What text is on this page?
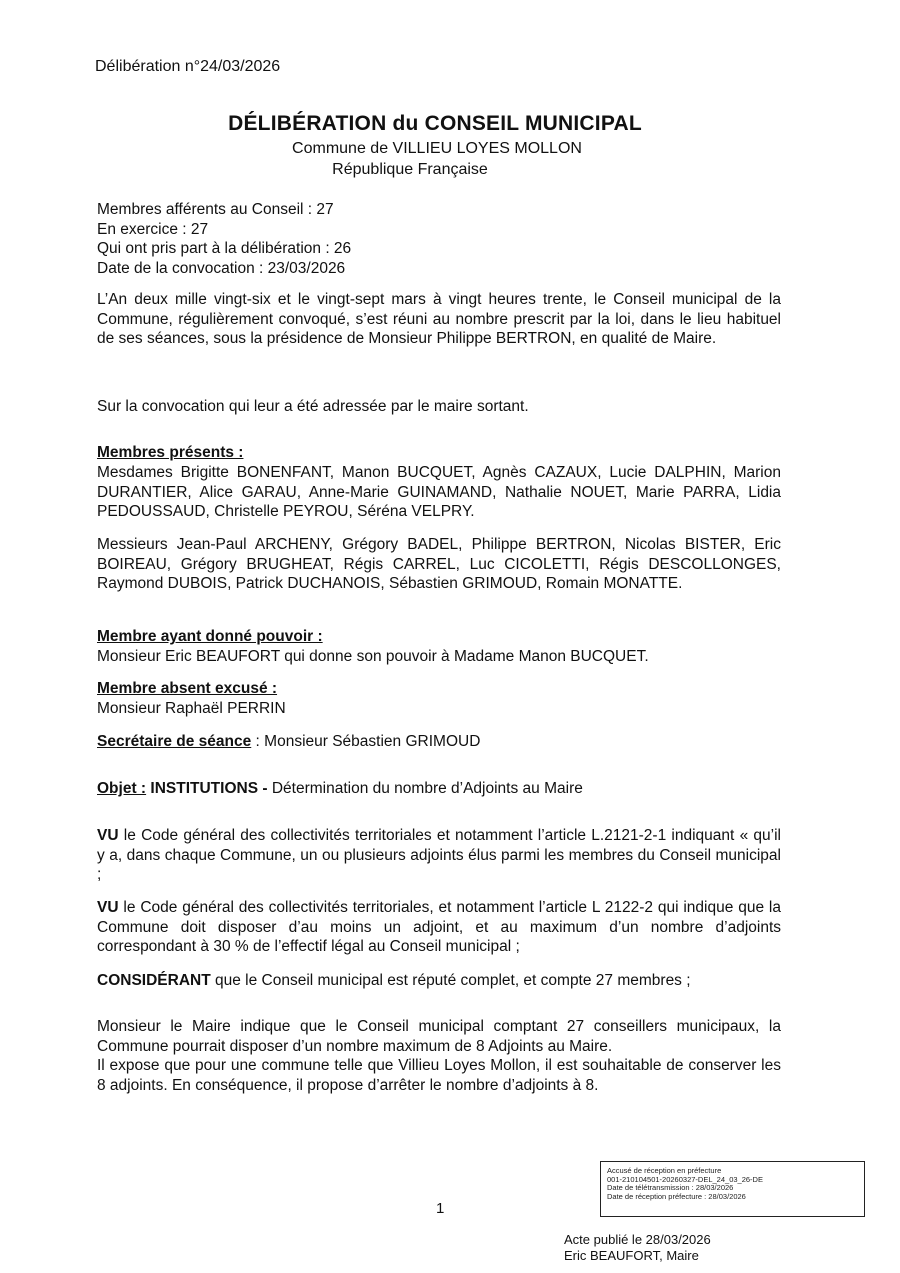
Délibération n°24/03/2026
DÉLIBÉRATION du CONSEIL MUNICIPAL
Commune de VILLIEU LOYES MOLLON
République Française
Membres afférents au Conseil : 27
En exercice : 27
Qui ont pris part à la délibération : 26
Date de la convocation : 23/03/2026
L’An deux mille vingt-six et le vingt-sept mars à vingt heures trente, le Conseil municipal de la Commune, régulièrement convoqué, s’est réuni au nombre prescrit par la loi, dans le lieu habituel de ses séances, sous la présidence de Monsieur Philippe BERTRON, en qualité de Maire.
Sur la convocation qui leur a été adressée par le maire sortant.
Membres présents :
Mesdames Brigitte BONENFANT, Manon BUCQUET, Agnès CAZAUX, Lucie DALPHIN, Marion DURANTIER, Alice GARAU, Anne-Marie GUINAMAND, Nathalie NOUET, Marie PARRA, Lidia PEDOUSSAUD, Christelle PEYROU, Séréna VELPRY.
Messieurs Jean-Paul ARCHENY, Grégory BADEL, Philippe BERTRON, Nicolas BISTER, Eric BOIREAU, Grégory BRUGHEAT, Régis CARREL, Luc CICOLETTI, Régis DESCOLLONGES, Raymond DUBOIS, Patrick DUCHANOIS, Sébastien GRIMOUD, Romain MONATTE.
Membre ayant donné pouvoir :
Monsieur Eric BEAUFORT qui donne son pouvoir à Madame Manon BUCQUET.
Membre absent excusé :
Monsieur Raphaël PERRIN
Secrétaire de séance : Monsieur Sébastien GRIMOUD
Objet : INSTITUTIONS - Détermination du nombre d’Adjoints au Maire
VU le Code général des collectivités territoriales et notamment l’article L.2121-2-1 indiquant « qu’il y a, dans chaque Commune, un ou plusieurs adjoints élus parmi les membres du Conseil municipal ;
VU le Code général des collectivités territoriales, et notamment l’article L 2122-2 qui indique que la Commune doit disposer d’au moins un adjoint, et au maximum d’un nombre d’adjoints correspondant à 30 % de l’effectif légal au Conseil municipal ;
CONSIDÉRANT que le Conseil municipal est réputé complet, et compte 27 membres ;
Monsieur le Maire indique que le Conseil municipal comptant 27 conseillers municipaux, la Commune pourrait disposer d’un nombre maximum de 8 Adjoints au Maire.
Il expose que pour une commune telle que Villieu Loyes Mollon, il est souhaitable de conserver les 8 adjoints. En conséquence, il propose d’arrêter le nombre d’adjoints à 8.
Accusé de réception en préfecture
001-210104501-20260327-DEL_24_03_26-DE
Date de télétransmission : 28/03/2026
Date de réception préfecture : 28/03/2026
1
Acte publié le 28/03/2026
Eric BEAUFORT, Maire
